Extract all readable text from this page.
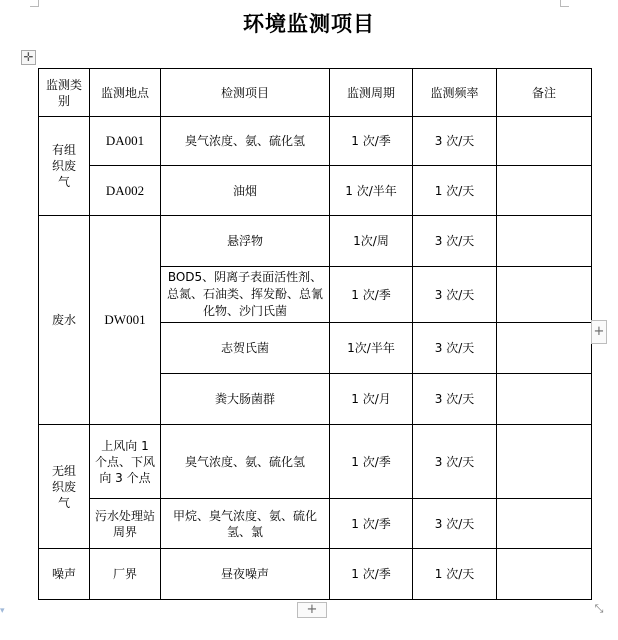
环境监测项目
✛
监测类别	监测地点	检测项目	监测周期	监测频率	备注
有组织废气	DA001	臭气浓度、氨、硫化氢	1 次/季	3 次/天	
	DA002	油烟	1 次/半年	1 次/天	
废水	DW001	悬浮物	1次/周	3 次/天	
		BOD5、阴离子表面活性剂、总氮、石油类、挥发酚、总氰化物、沙门氏菌	1 次/季	3 次/天	
		志贺氏菌	1次/半年	3 次/天	
		粪大肠菌群	1 次/月	3 次/天	
无组织废气	上风向 1 个点、下风向 3 个点	臭气浓度、氨、硫化氢	1 次/季	3 次/天	
	污水处理站周界	甲烷、臭气浓度、氨、硫化氢、氯	1 次/季	3 次/天	
噪声	厂界	昼夜噪声	1 次/季	1 次/天	
+
+	⤡
▾
